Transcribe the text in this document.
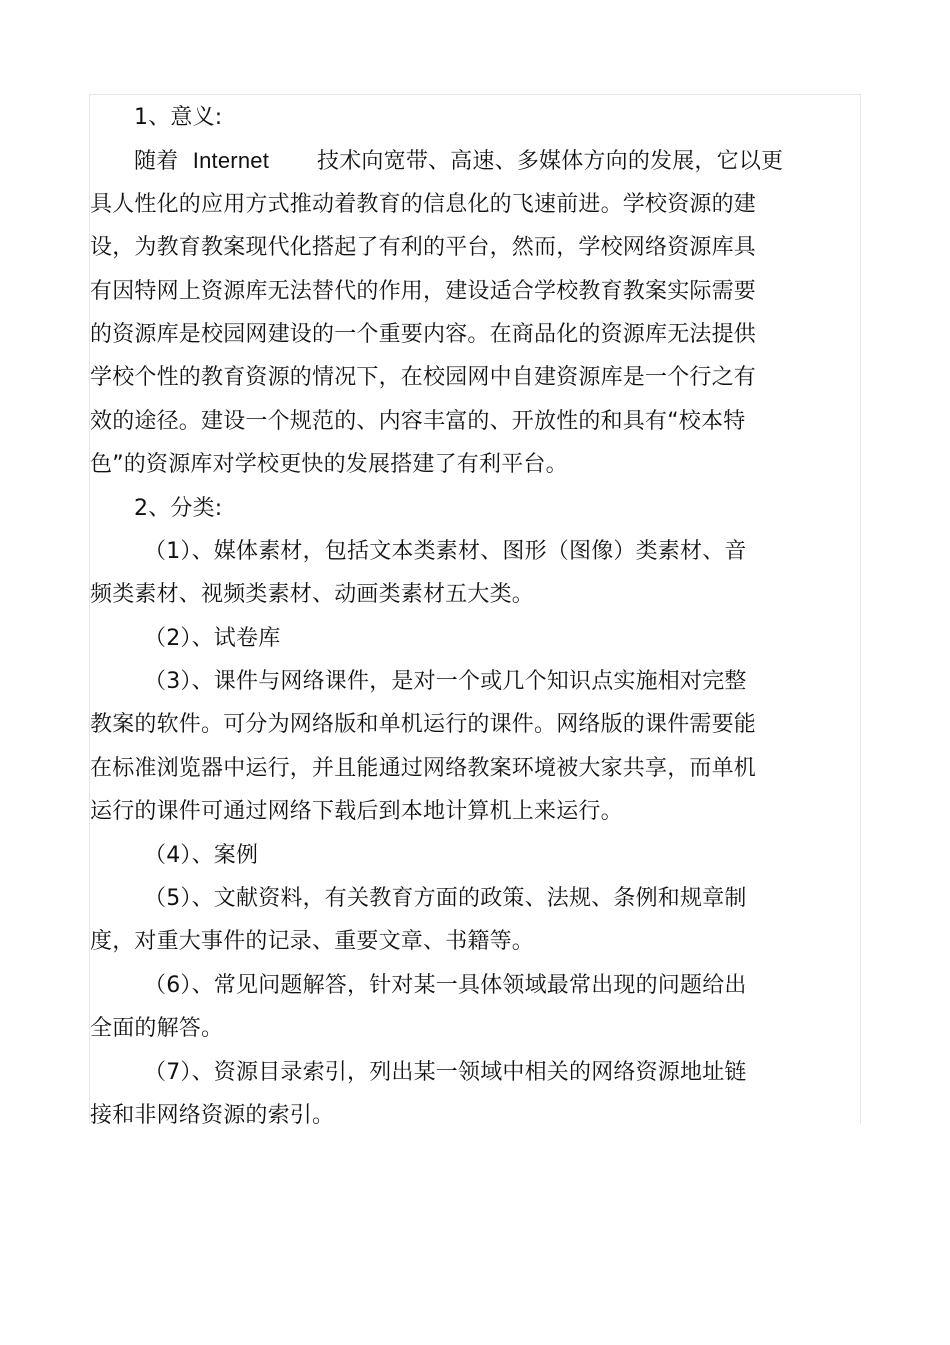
1、意义:
随着 Internet 技术向宽带、高速、多媒体方向的发展，它以更
具人性化的应用方式推动着教育的信息化的飞速前进。学校资源的建
设，为教育教案现代化搭起了有利的平台，然而，学校网络资源库具
有因特网上资源库无法替代的作用，建设适合学校教育教案实际需要
的资源库是校园网建设的一个重要内容。在商品化的资源库无法提供
学校个性的教育资源的情况下，在校园网中自建资源库是一个行之有
效的途径。建设一个规范的、内容丰富的、开放性的和具有“校本特
色”的资源库对学校更快的发展搭建了有利平台。
2、分类:
（1）、媒体素材，包括文本类素材、图形（图像）类素材、音
频类素材、视频类素材、动画类素材五大类。
（2）、试卷库
（3）、课件与网络课件，是对一个或几个知识点实施相对完整
教案的软件。可分为网络版和单机运行的课件。网络版的课件需要能
在标准浏览器中运行，并且能通过网络教案环境被大家共享，而单机
运行的课件可通过网络下载后到本地计算机上来运行。
（4）、案例
（5）、文献资料，有关教育方面的政策、法规、条例和规章制
度，对重大事件的记录、重要文章、书籍等。
（6）、常见问题解答，针对某一具体领域最常出现的问题给出
全面的解答。
（7）、资源目录索引，列出某一领域中相关的网络资源地址链
接和非网络资源的索引。
